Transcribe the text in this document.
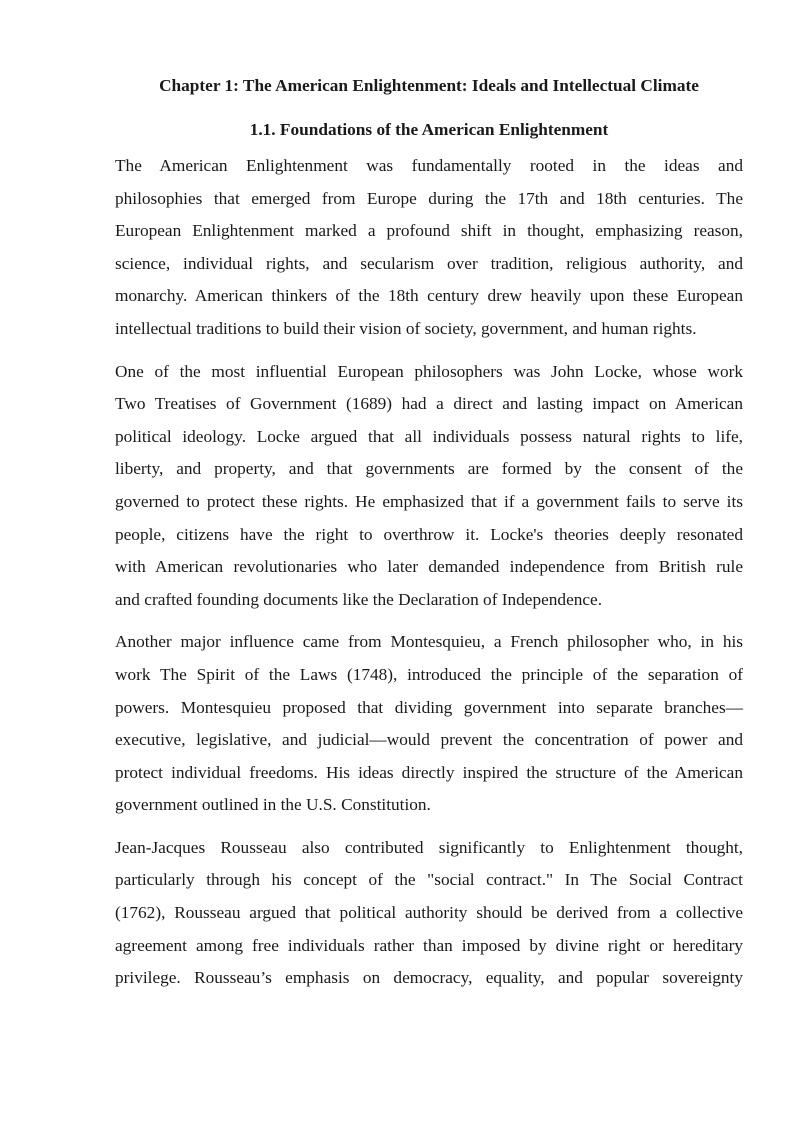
Chapter 1: The American Enlightenment: Ideals and Intellectual Climate
1.1. Foundations of the American Enlightenment

The American Enlightenment was fundamentally rooted in the ideas and
philosophies that emerged from Europe during the 17th and 18th centuries. The
European Enlightenment marked a profound shift in thought, emphasizing reason,
science, individual rights, and secularism over tradition, religious authority, and
monarchy. American thinkers of the 18th century drew heavily upon these European
intellectual traditions to build their vision of society, government, and human rights.

One of the most influential European philosophers was John Locke, whose work
Two Treatises of Government (1689) had a direct and lasting impact on American
political ideology. Locke argued that all individuals possess natural rights to life,
liberty, and property, and that governments are formed by the consent of the
governed to protect these rights. He emphasized that if a government fails to serve its
people, citizens have the right to overthrow it. Locke's theories deeply resonated
with American revolutionaries who later demanded independence from British rule
and crafted founding documents like the Declaration of Independence.

Another major influence came from Montesquieu, a French philosopher who, in his
work The Spirit of the Laws (1748), introduced the principle of the separation of
powers. Montesquieu proposed that dividing government into separate branches—
executive, legislative, and judicial—would prevent the concentration of power and
protect individual freedoms. His ideas directly inspired the structure of the American
government outlined in the U.S. Constitution.

Jean-Jacques Rousseau also contributed significantly to Enlightenment thought,
particularly through his concept of the "social contract." In The Social Contract
(1762), Rousseau argued that political authority should be derived from a collective
agreement among free individuals rather than imposed by divine right or hereditary
privilege. Rousseau’s emphasis on democracy, equality, and popular sovereignty
